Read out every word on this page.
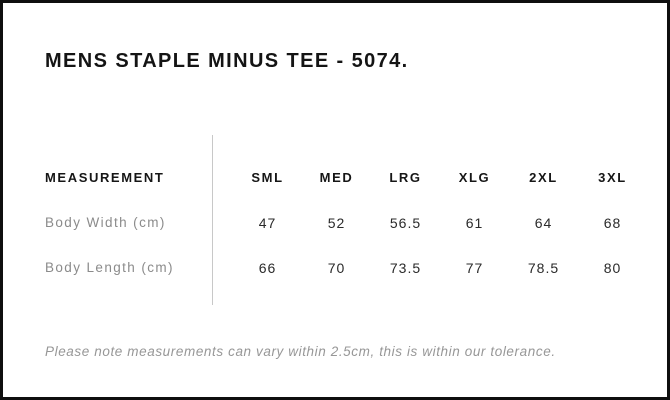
MENS STAPLE MINUS TEE - 5074.
MEASUREMENT	SML	MED	LRG	XLG	2XL	3XL
Body Width (cm)	47	52	56.5	61	64	68
Body Length (cm)	66	70	73.5	77	78.5	80

Please note measurements can vary within 2.5cm, this is within our tolerance.
